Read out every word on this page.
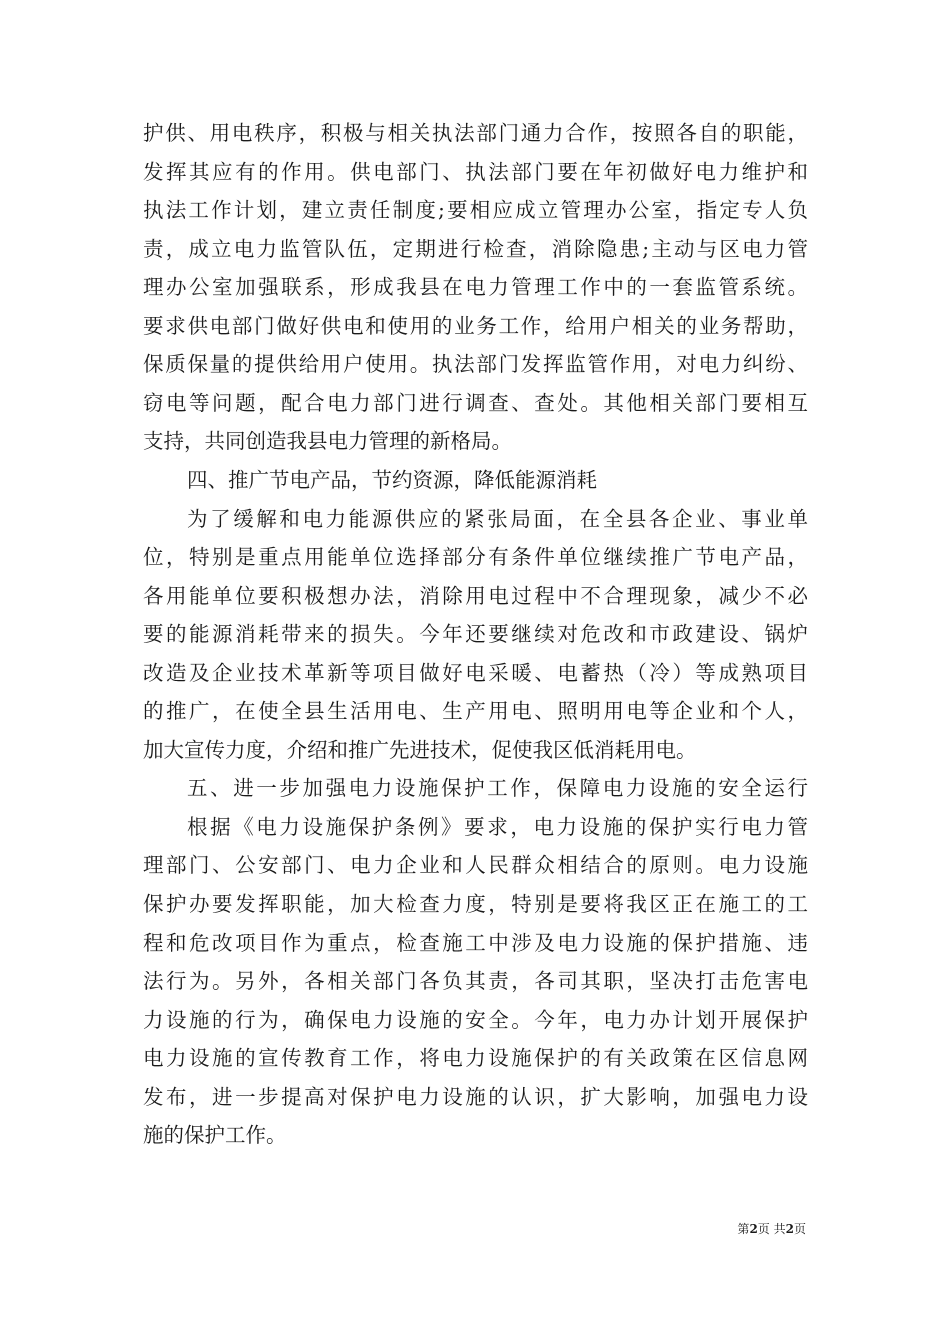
护供、用电秩序，积极与相关执法部门通力合作，按照各自的职能，
发挥其应有的作用。供电部门、执法部门要在年初做好电力维护和
执法工作计划，建立责任制度;要相应成立管理办公室，指定专人负
责，成立电力监管队伍，定期进行检查，消除隐患;主动与区电力管
理办公室加强联系，形成我县在电力管理工作中的一套监管系统。
要求供电部门做好供电和使用的业务工作，给用户相关的业务帮助，
保质保量的提供给用户使用。执法部门发挥监管作用，对电力纠纷、
窃电等问题，配合电力部门进行调查、查处。其他相关部门要相互
支持，共同创造我县电力管理的新格局。
四、推广节电产品，节约资源，降低能源消耗
为了缓解和电力能源供应的紧张局面，在全县各企业、事业单
位，特别是重点用能单位选择部分有条件单位继续推广节电产品，
各用能单位要积极想办法，消除用电过程中不合理现象，减少不必
要的能源消耗带来的损失。今年还要继续对危改和市政建设、锅炉
改造及企业技术革新等项目做好电采暖、电蓄热（冷）等成熟项目
的推广，在使全县生活用电、生产用电、照明用电等企业和个人，
加大宣传力度，介绍和推广先进技术，促使我区低消耗用电。
五、进一步加强电力设施保护工作，保障电力设施的安全运行
根据《电力设施保护条例》要求，电力设施的保护实行电力管
理部门、公安部门、电力企业和人民群众相结合的原则。电力设施
保护办要发挥职能，加大检查力度，特别是要将我区正在施工的工
程和危改项目作为重点，检查施工中涉及电力设施的保护措施、违
法行为。另外，各相关部门各负其责，各司其职，坚决打击危害电
力设施的行为，确保电力设施的安全。今年，电力办计划开展保护
电力设施的宣传教育工作，将电力设施保护的有关政策在区信息网
发布，进一步提高对保护电力设施的认识，扩大影响，加强电力设
施的保护工作。
第2页 共2页
